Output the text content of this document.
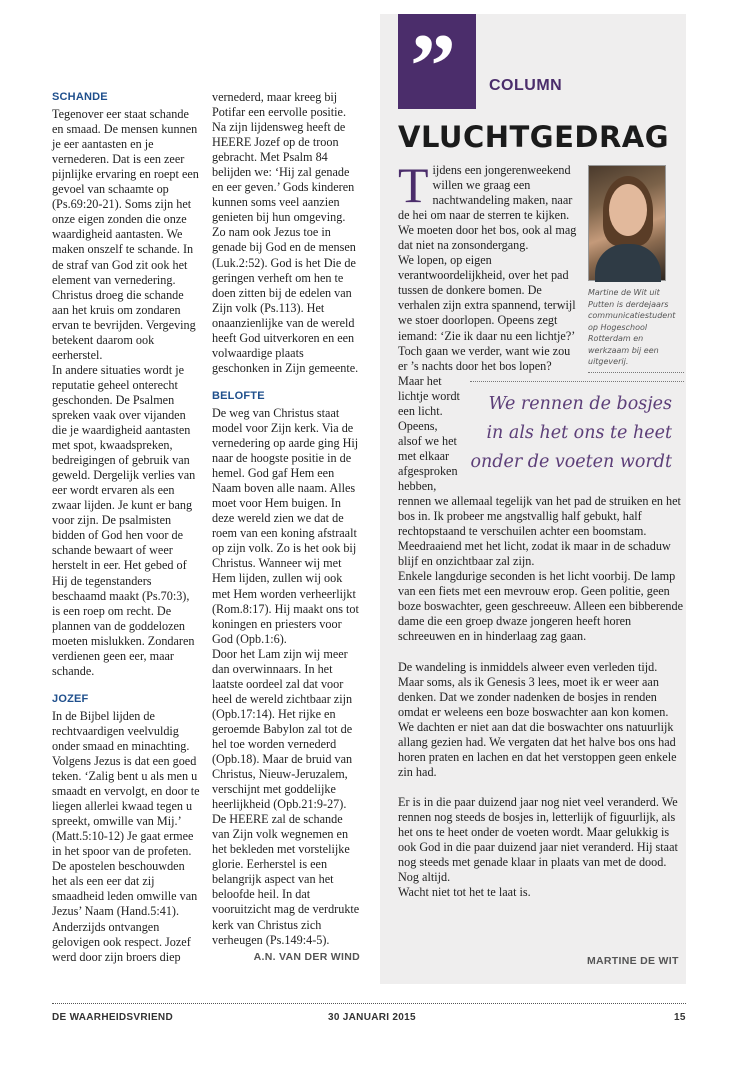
SCHANDE

Tegenover eer staat schande en smaad. De mensen kunnen je eer aantasten en je vernederen. Dat is een zeer pijnlijke ervaring en roept een gevoel van schaamte op (Ps.69:20-21). Soms zijn het onze eigen zonden die onze waardigheid aantasten. We maken onszelf te schande. In de straf van God zit ook het element van vernedering. Christus droeg die schande aan het kruis om zondaren ervan te bevrijden. Vergeving betekent daarom ook eerherstel.

In andere situaties wordt je reputatie geheel onterecht geschonden. De Psalmen spreken vaak over vijanden die je waardigheid aantasten met spot, kwaadspreken, bedreigingen of gebruik van geweld. Dergelijk verlies van eer wordt ervaren als een zwaar lijden. Je kunt er bang voor zijn. De psalmisten bidden of God hen voor de schande bewaart of weer herstelt in eer. Het gebed of Hij de tegenstanders beschaamd maakt (Ps.70:3), is een roep om recht. De plannen van de goddelozen moeten mislukken. Zondaren verdienen geen eer, maar schande.

JOZEF

In de Bijbel lijden de rechtvaardigen veelvuldig onder smaad en minachting. Volgens Jezus is dat een goed teken. ‘Zalig bent u als men u smaadt en vervolgt, en door te liegen allerlei kwaad tegen u spreekt, omwille van Mij.’ (Matt.5:10-12) Je gaat ermee in het spoor van de profeten. De apostelen beschouwden het als een eer dat zij smaadheid leden omwille van Jezus’ Naam (Hand.5:41).

Anderzijds ontvangen gelovigen ook respect. Jozef werd door zijn broers diep

vernederd, maar kreeg bij Potifar een eervolle positie. Na zijn lijdensweg heeft de HEERE Jozef op de troon gebracht. Met Psalm 84 belijden we: ‘Hij zal genade en eer geven.’ Gods kinderen kunnen soms veel aanzien genieten bij hun omgeving. Zo nam ook Jezus toe in genade bij God en de mensen (Luk.2:52). God is het Die de geringen verheft om hen te doen zitten bij de edelen van Zijn volk (Ps.113). Het onaanzienlijke van de wereld heeft God uitverkoren en een volwaardige plaats geschonken in Zijn gemeente.

BELOFTE

De weg van Christus staat model voor Zijn kerk. Via de vernedering op aarde ging Hij naar de hoogste positie in de hemel. God gaf Hem een Naam boven alle naam. Alles moet voor Hem buigen. In deze wereld zien we dat de roem van een koning afstraalt op zijn volk. Zo is het ook bij Christus. Wanneer wij met Hem lijden, zullen wij ook met Hem worden verheerlijkt (Rom.8:17). Hij maakt ons tot koningen en priesters voor God (Opb.1:6).

Door het Lam zijn wij meer dan overwinnaars. In het laatste oordeel zal dat voor heel de wereld zichtbaar zijn (Opb.17:14). Het rijke en geroemde Babylon zal tot de hel toe worden vernederd (Opb.18). Maar de bruid van Christus, Nieuw-Jeruzalem, verschijnt met goddelijke heerlijkheid (Opb.21:9-27). De HEERE zal de schande van Zijn volk wegnemen en het bekleden met vorstelijke glorie. Eerherstel is een belangrijk aspect van het beloofde heil. In dat vooruitzicht mag de verdrukte kerk van Christus zich verheugen (Ps.149:4-5).

A.N. VAN DER WIND
” COLUMN
VLUCHTGEDRAG
Martine de Wit uit Putten is derdejaars communicatiestudent op Hogeschool Rotterdam en werkzaam bij een uitgeverij.

Tijdens een jongerenweekend willen we graag een nachtwandeling maken, naar de hei om naar de sterren te kijken. We moeten door het bos, ook al mag dat niet na zonsondergang.

We lopen, op eigen verantwoordelijkheid, over het pad tussen de donkere bomen. De verhalen zijn extra spannend, terwijl we stoer doorlopen. Opeens zegt iemand: ‘Zie ik daar nu een lichtje?’ Toch gaan we verder, want wie zou er ’s nachts door het bos lopen?

We rennen de bosjes in als het ons te heet onder de voeten wordt
Maar het lichtje wordt een licht. Opeens, alsof we het met elkaar afgesproken hebben, rennen we allemaal tegelijk van het pad de struiken en het bos in. Ik probeer me angstvallig half gebukt, half rechtopstaand te verschuilen achter een boomstam. Meedraaiend met het licht, zodat ik maar in de schaduw blijf en onzichtbaar zal zijn.

Enkele langdurige seconden is het licht voorbij. De lamp van een fiets met een mevrouw erop. Geen politie, geen boze boswachter, geen geschreeuw. Alleen een bibberende dame die een groep dwaze jongeren heeft horen schreeuwen en in hinderlaag zag gaan.

De wandeling is inmiddels alweer even verleden tijd. Maar soms, als ik Genesis 3 lees, moet ik er weer aan denken. Dat we zonder nadenken de bosjes in renden omdat er weleens een boze boswachter aan kon komen. We dachten er niet aan dat die boswachter ons natuurlijk allang gezien had. We vergaten dat het halve bos ons had horen praten en lachen en dat het verstoppen geen enkele zin had.

Er is in die paar duizend jaar nog niet veel veranderd. We rennen nog steeds de bosjes in, letterlijk of figuurlijk, als het ons te heet onder de voeten wordt. Maar gelukkig is ook God in die paar duizend jaar niet veranderd. Hij staat nog steeds met genade klaar in plaats van met de dood. Nog altijd.

Wacht niet tot het te laat is.

MARTINE DE WIT
DE WAARHEIDSVRIEND	30 JANUARI 2015	15
